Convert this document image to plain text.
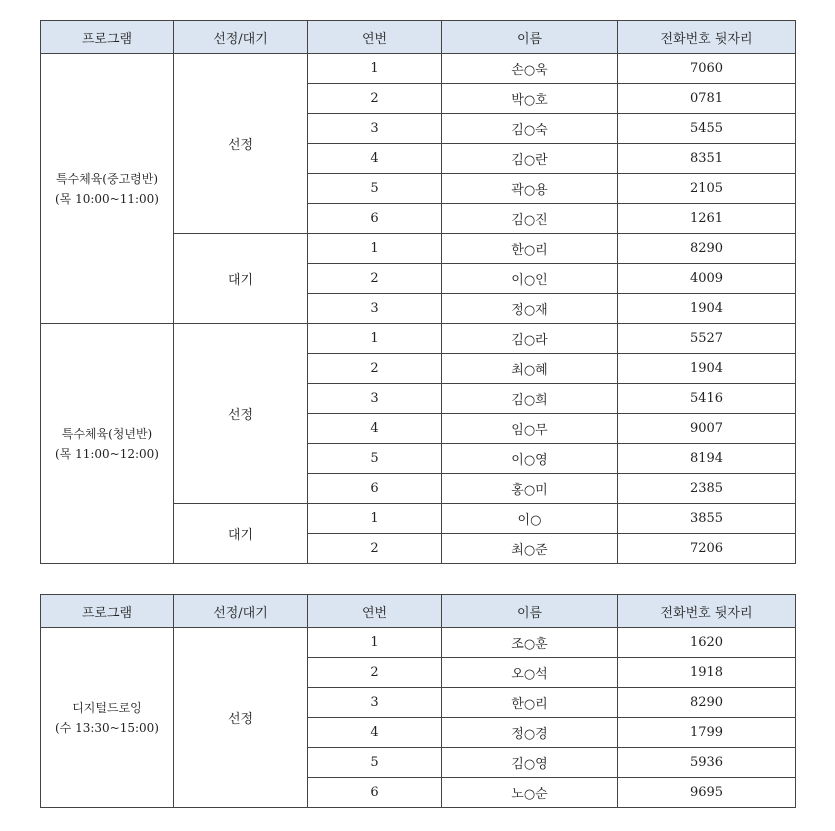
프로그램	선정/대기	연번	이름	전화번호 뒷자리

특수체육(중고령반)
(목 10:00~11:00)	선정	1	손○욱	7060
		2	박○호	0781
		3	김○숙	5455
		4	김○란	8351
		5	곽○용	2105
		6	김○진	1261
	대기	1	한○리	8290
		2	이○인	4009
		3	정○재	1904

특수체육(청년반)
(목 11:00~12:00)	선정	1	김○라	5527
		2	최○혜	1904
		3	김○희	5416
		4	임○무	9007
		5	이○영	8194
		6	홍○미	2385
	대기	1	이○	3855
		2	최○준	7206
프로그램	선정/대기	연번	이름	전화번호 뒷자리

디지털드로잉
(수 13:30~15:00)	선정	1	조○훈	1620
		2	오○석	1918
		3	한○리	8290
		4	정○경	1799
		5	김○영	5936
		6	노○순	9695
